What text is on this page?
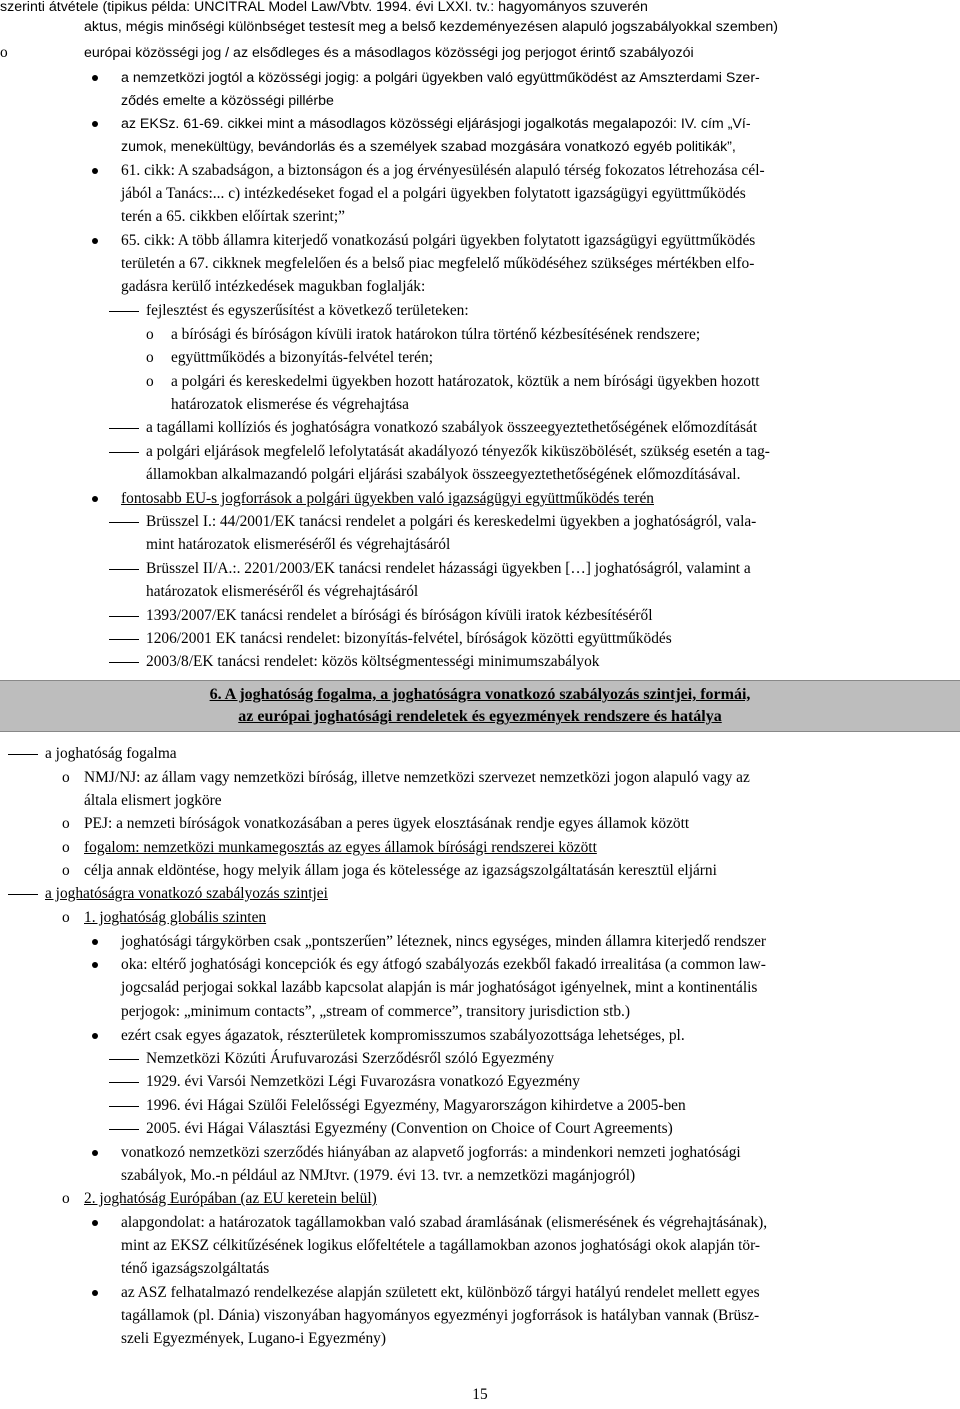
szerinti átvétele (tipikus példa: UNCITRAL Model Law/Vbtv. 1994. évi LXXI. tv.: hagyományos szuverén
aktus, mégis minőségi különbséget testesít meg a belső kezdeményezésen alapuló jogszabályokkal szemben)
o	európai közösségi jog / az elsődleges és a másodlagos közösségi jog perjogot érintő szabályozói
a nemzetközi jogtól a közösségi jogig: a polgári ügyekben való együttműködést az Amszterdami Szer-
ződés emelte a közösségi pillérbe
az EKSz. 61-69. cikkei mint a másodlagos közösségi eljárásjogi jogalkotás megalapozói: IV. cím „Ví-
zumok, menekültügy, bevándorlás és a személyek szabad mozgására vonatkozó egyéb politikák”,
61. cikk: A szabadságon, a biztonságon és a jog érvényesülésén alapuló térség fokozatos létrehozása cél-
jából a Tanács:... c) intézkedéseket fogad el a polgári ügyekben folytatott igazságügyi együttműködés
terén a 65. cikkben előírtak szerint;”
65. cikk: A több államra kiterjedő vonatkozású polgári ügyekben folytatott igazságügyi együttműködés
területén a 67. cikknek megfelelően és a belső piac megfelelő működéséhez szükséges mértékben elfo-
gadásra kerülő intézkedések magukban foglalják:
fejlesztést és egyszerűsítést a következő területeken:
o a bírósági és bíróságon kívüli iratok határokon túlra történő kézbesítésének rendszere;
o együttműködés a bizonyítás-felvétel terén;
o a polgári és kereskedelmi ügyekben hozott határozatok, köztük a nem bírósági ügyekben hozott
határozatok elismerése és végrehajtása
a tagállami kollíziós és joghatóságra vonatkozó szabályok összeegyeztethetőségének előmozdítását
a polgári eljárások megfelelő lefolytatását akadályozó tényezők kiküszöbölését, szükség esetén a tag-
államokban alkalmazandó polgári eljárási szabályok összeegyeztethetőségének előmozdításával.
fontosabb EU-s jogforrások a polgári ügyekben való igazságügyi együttműködés terén
Brüsszel I.: 44/2001/EK tanácsi rendelet a polgári és kereskedelmi ügyekben a joghatóságról, vala-
mint határozatok elismeréséről és végrehajtásáról
Brüsszel II/A.:. 2201/2003/EK tanácsi rendelet házassági ügyekben […] joghatóságról, valamint a
határozatok elismeréséről és végrehajtásáról
1393/2007/EK tanácsi rendelet a bírósági és bíróságon kívüli iratok kézbesítéséről
1206/2001 EK tanácsi rendelet: bizonyítás-felvétel, bíróságok közötti együttműködés
2003/8/EK tanácsi rendelet: közös költségmentességi minimumszabályok
a joghatóság fogalma
o NMJ/NJ: az állam vagy nemzetközi bíróság, illetve nemzetközi szervezet nemzetközi jogon alapuló vagy az
általa elismert jogköre
o PEJ: a nemzeti bíróságok vonatkozásában a peres ügyek elosztásának rendje egyes államok között
o fogalom: nemzetközi munkamegosztás az egyes államok bírósági rendszerei között
o célja annak eldöntése, hogy melyik állam joga és kötelessége az igazságszolgáltatásán keresztül eljárni
a joghatóságra vonatkozó szabályozás szintjei
o 1. joghatóság globális szinten
joghatósági tárgykörben csak „pontszerűen” léteznek, nincs egységes, minden államra kiterjedő rendszer
oka: eltérő joghatósági koncepciók és egy átfogó szabályozás ezekből fakadó irrealitása (a common law-
jogcsalád perjogai sokkal lazább kapcsolat alapján is már joghatóságot igényelnek, mint a kontinentális
perjogok: „minimum contacts”, „stream of commerce”, transitory jurisdiction stb.)
ezért csak egyes ágazatok, részterületek kompromisszumos szabályozottsága lehetséges, pl.
Nemzetközi Közúti Árufuvarozási Szerződésről szóló Egyezmény
1929. évi Varsói Nemzetközi Légi Fuvarozásra vonatkozó Egyezmény
1996. évi Hágai Szülői Felelősségi Egyezmény, Magyarországon kihirdetve a 2005-ben
2005. évi Hágai Választási Egyezmény (Convention on Choice of Court Agreements)
vonatkozó nemzetközi szerződés hiányában az alapvető jogforrás: a mindenkori nemzeti joghatósági
szabályok, Mo.-n például az NMJtvr. (1979. évi 13. tvr. a nemzetközi magánjogról)
o 2. joghatóság Európában (az EU keretein belül)
alapgondolat: a határozatok tagállamokban való szabad áramlásának (elismerésének és végrehajtásának),
mint az EKSZ célkitűzésének logikus előfeltétele a tagállamokban azonos joghatósági okok alapján tör-
ténő igazságszolgáltatás
az ASZ felhatalmazó rendelkezése alapján született ekt, különböző tárgyi hatályú rendelet mellett egyes
tagállamok (pl. Dánia) viszonyában hagyományos egyezményi jogforrások is hatályban vannak (Brüsz-
szeli Egyezmények, Lugano-i Egyezmény)
6. A joghatóság fogalma, a joghatóságra vonatkozó szabályozás szintjei, formái,
az európai joghatósági rendeletek és egyezmények rendszere és hatálya
15
